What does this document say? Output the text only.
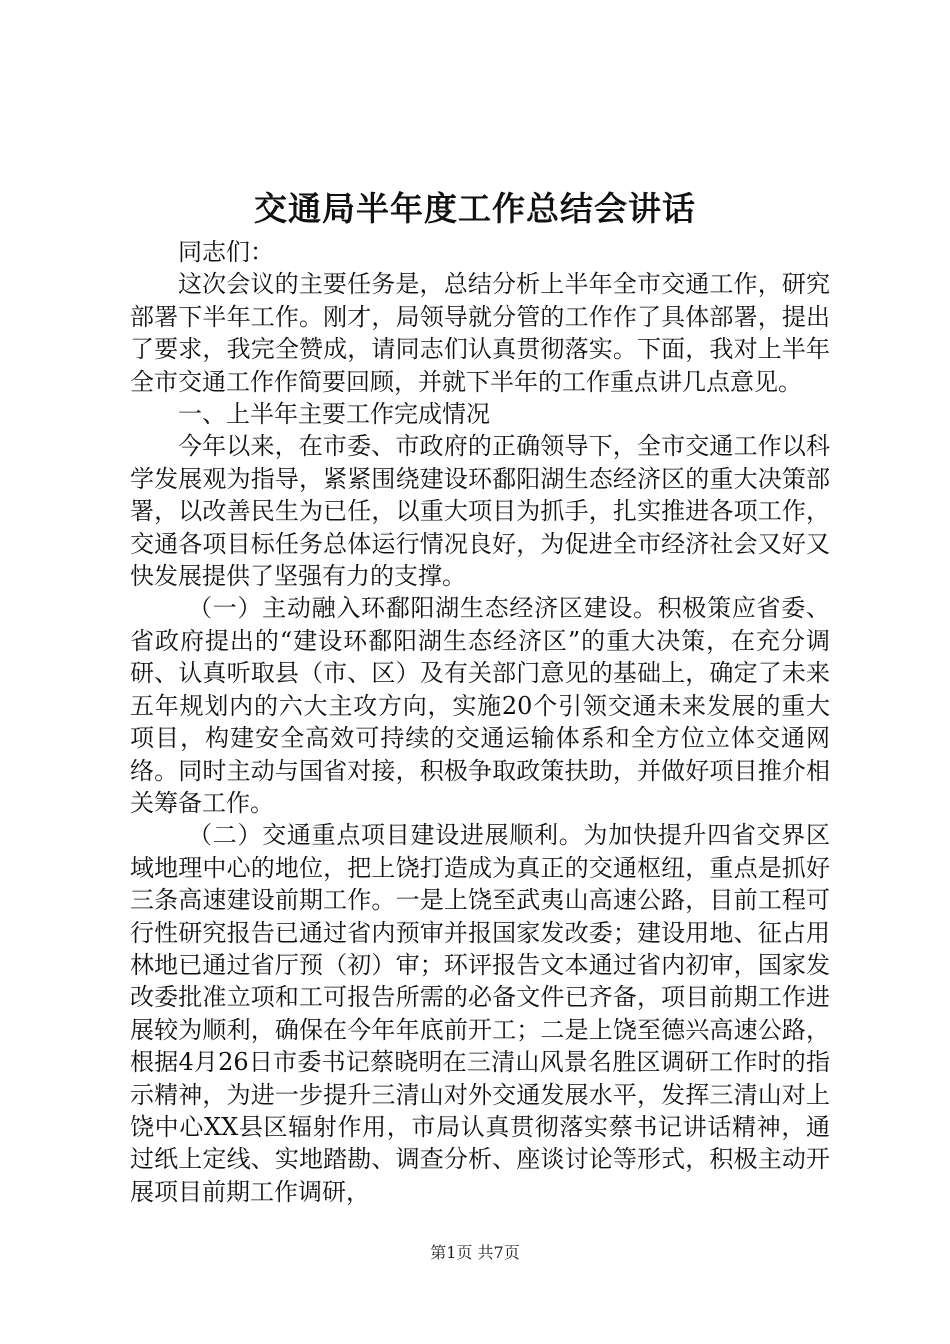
交通局半年度工作总结会讲话

同志们：

这次会议的主要任务是，总结分析上半年全市交通工作，研究部署下半年工作。刚才，局领导就分管的工作作了具体部署，提出了要求，我完全赞成，请同志们认真贯彻落实。下面，我对上半年全市交通工作作简要回顾，并就下半年的工作重点讲几点意见。

一、上半年主要工作完成情况

今年以来，在市委、市政府的正确领导下，全市交通工作以科学发展观为指导，紧紧围绕建设环鄱阳湖生态经济区的重大决策部署，以改善民生为已任，以重大项目为抓手，扎实推进各项工作，交通各项目标任务总体运行情况良好，为促进全市经济社会又好又快发展提供了坚强有力的支撑。

（一）主动融入环鄱阳湖生态经济区建设。积极策应省委、省政府提出的“建设环鄱阳湖生态经济区”的重大决策，在充分调研、认真听取县（市、区）及有关部门意见的基础上，确定了未来五年规划内的六大主攻方向，实施20个引领交通未来发展的重大项目，构建安全高效可持续的交通运输体系和全方位立体交通网络。同时主动与国省对接，积极争取政策扶助，并做好项目推介相关筹备工作。

（二）交通重点项目建设进展顺利。为加快提升四省交界区域地理中心的地位，把上饶打造成为真正的交通枢纽，重点是抓好三条高速建设前期工作。一是上饶至武夷山高速公路，目前工程可行性研究报告已通过省内预审并报国家发改委；建设用地、征占用林地已通过省厅预（初）审；环评报告文本通过省内初审，国家发改委批准立项和工可报告所需的必备文件已齐备，项目前期工作进展较为顺利，确保在今年年底前开工；二是上饶至德兴高速公路，根据4月26日市委书记蔡晓明在三清山风景名胜区调研工作时的指示精神，为进一步提升三清山对外交通发展水平，发挥三清山对上饶中心XX县区辐射作用，市局认真贯彻落实蔡书记讲话精神，通过纸上定线、实地踏勘、调查分析、座谈讨论等形式，积极主动开展项目前期工作调研，

第1页 共7页
